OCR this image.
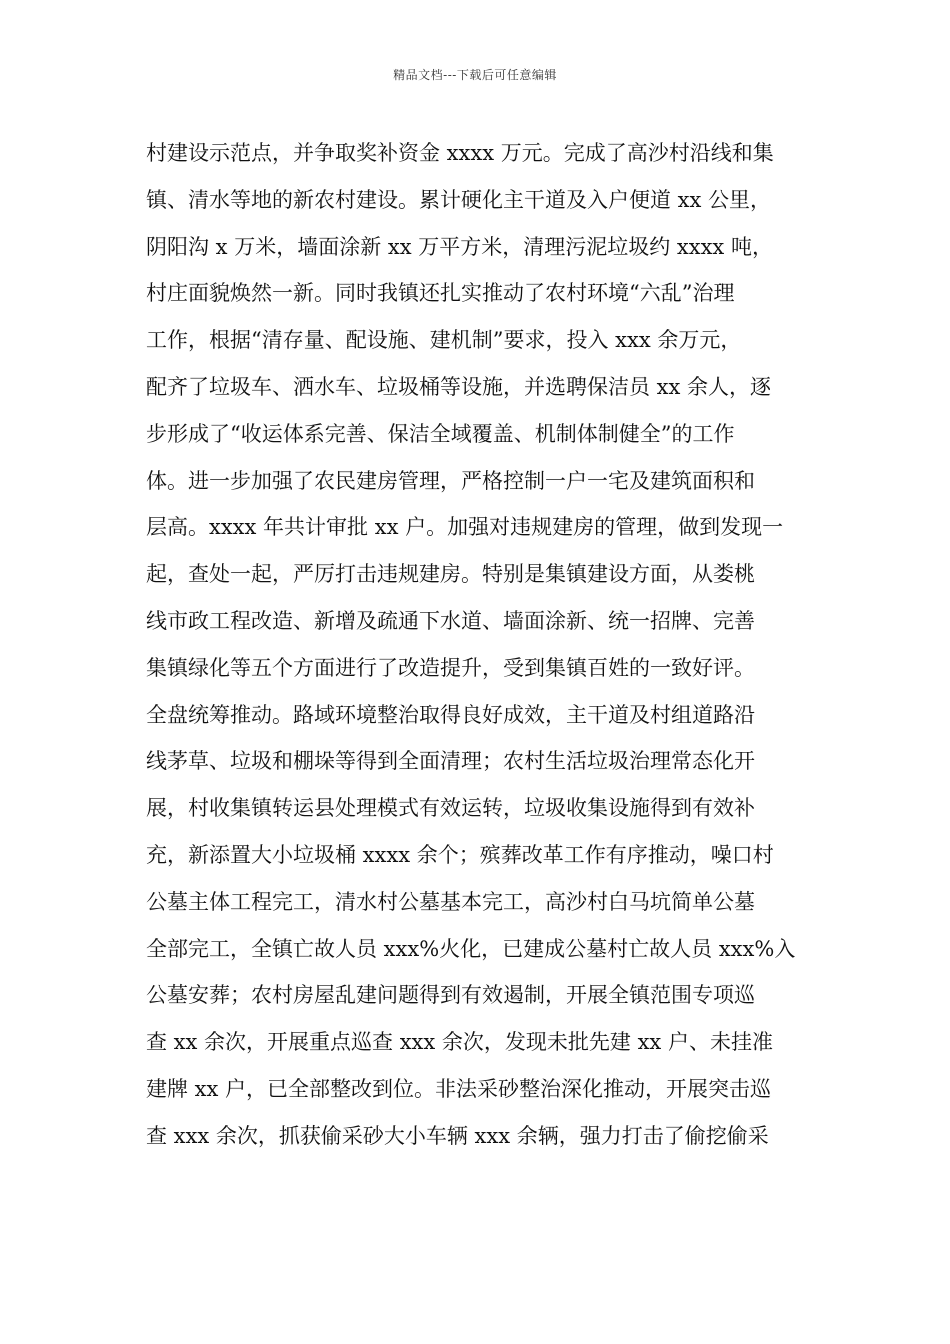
精品文档---下载后可任意编辑
村建设示范点，并争取奖补资金 xxxx 万元。完成了高沙村沿线和集
镇、清水等地的新农村建设。累计硬化主干道及入户便道 xx 公里，
阴阳沟 x 万米，墙面涂新 xx 万平方米，清理污泥垃圾约 xxxx 吨，
村庄面貌焕然一新。同时我镇还扎实推动了农村环境“六乱”治理
工作，根据“清存量、配设施、建机制”要求，投入 xxx 余万元，
配齐了垃圾车、洒水车、垃圾桶等设施，并选聘保洁员 xx 余人，逐
步形成了“收运体系完善、保洁全域覆盖、机制体制健全”的工作
体。进一步加强了农民建房管理，严格控制一户一宅及建筑面积和
层高。xxxx 年共计审批 xx 户。加强对违规建房的管理，做到发现一
起，查处一起，严厉打击违规建房。特别是集镇建设方面，从娄桃
线市政工程改造、新增及疏通下水道、墙面涂新、统一招牌、完善
集镇绿化等五个方面进行了改造提升，受到集镇百姓的一致好评。
全盘统筹推动。路域环境整治取得良好成效，主干道及村组道路沿
线茅草、垃圾和棚垛等得到全面清理；农村生活垃圾治理常态化开
展，村收集镇转运县处理模式有效运转，垃圾收集设施得到有效补
充，新添置大小垃圾桶 xxxx 余个；殡葬改革工作有序推动，噪口村
公墓主体工程完工，清水村公墓基本完工，高沙村白马坑简单公墓
全部完工，全镇亡故人员 xxx%火化，已建成公墓村亡故人员 xxx%入
公墓安葬；农村房屋乱建问题得到有效遏制，开展全镇范围专项巡
查 xx 余次，开展重点巡查 xxx 余次，发现未批先建 xx 户、未挂准
建牌 xx 户，已全部整改到位。非法采砂整治深化推动，开展突击巡
查 xxx 余次，抓获偷采砂大小车辆 xxx 余辆，强力打击了偷挖偷采
